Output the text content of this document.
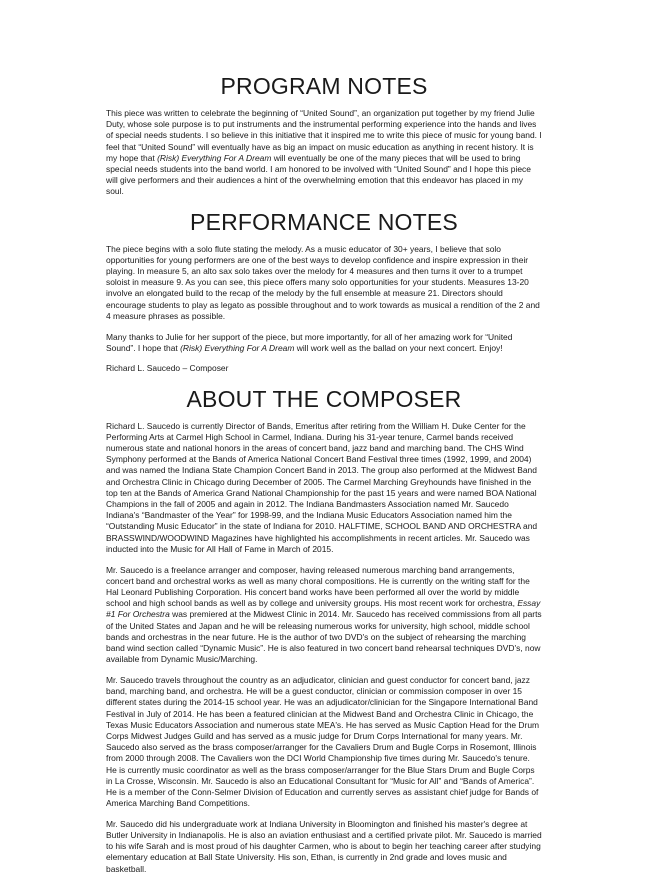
PROGRAM NOTES

This piece was written to celebrate the beginning of “United Sound”, an organization put together by my friend Julie Duty, whose sole purpose is to put instruments and the instrumental performing experience into the hands and lives of special needs students. I so believe in this initiative that it inspired me to write this piece of music for young band. I feel that “United Sound” will eventually have as big an impact on music education as anything in recent history. It is my hope that (Risk) Everything For A Dream will eventually be one of the many pieces that will be used to bring special needs students into the band world. I am honored to be involved with “United Sound” and I hope this piece will give performers and their audiences a hint of the overwhelming emotion that this endeavor has placed in my soul.

PERFORMANCE NOTES

The piece begins with a solo flute stating the melody. As a music educator of 30+ years, I believe that solo opportunities for young performers are one of the best ways to develop confidence and inspire expression in their playing. In measure 5, an alto sax solo takes over the melody for 4 measures and then turns it over to a trumpet soloist in measure 9. As you can see, this piece offers many solo opportunities for your students. Measures 13-20 involve an elongated build to the recap of the melody by the full ensemble at measure 21. Directors should encourage students to play as legato as possible throughout and to work towards as musical a rendition of the 2 and 4 measure phrases as possible.

Many thanks to Julie for her support of the piece, but more importantly, for all of her amazing work for “United Sound”. I hope that (Risk) Everything For A Dream will work well as the ballad on your next concert. Enjoy!

Richard L. Saucedo – Composer

ABOUT THE COMPOSER

Richard L. Saucedo is currently Director of Bands, Emeritus after retiring from the William H. Duke Center for the Performing Arts at Carmel High School in Carmel, Indiana. During his 31-year tenure, Carmel bands received numerous state and national honors in the areas of concert band, jazz band and marching band. The CHS Wind Symphony performed at the Bands of America National Concert Band Festival three times (1992, 1999, and 2004) and was named the Indiana State Champion Concert Band in 2013. The group also performed at the Midwest Band and Orchestra Clinic in Chicago during December of 2005. The Carmel Marching Greyhounds have finished in the top ten at the Bands of America Grand National Championship for the past 15 years and were named BOA National Champions in the fall of 2005 and again in 2012. The Indiana Bandmasters Association named Mr. Saucedo Indiana's “Bandmaster of the Year” for 1998-99, and the Indiana Music Educators Association named him the “Outstanding Music Educator” in the state of Indiana for 2010. HALFTIME, SCHOOL BAND AND ORCHESTRA and BRASSWIND/WOODWIND Magazines have highlighted his accomplishments in recent articles. Mr. Saucedo was inducted into the Music for All Hall of Fame in March of 2015.

Mr. Saucedo is a freelance arranger and composer, having released numerous marching band arrangements, concert band and orchestral works as well as many choral compositions. He is currently on the writing staff for the Hal Leonard Publishing Corporation. His concert band works have been performed all over the world by middle school and high school bands as well as by college and university groups. His most recent work for orchestra, Essay #1 For Orchestra was premiered at the Midwest Clinic in 2014. Mr. Saucedo has received commissions from all parts of the United States and Japan and he will be releasing numerous works for university, high school, middle school bands and orchestras in the near future. He is the author of two DVD's on the subject of rehearsing the marching band wind section called “Dynamic Music”. He is also featured in two concert band rehearsal techniques DVD's, now available from Dynamic Music/Marching.

Mr. Saucedo travels throughout the country as an adjudicator, clinician and guest conductor for concert band, jazz band, marching band, and orchestra. He will be a guest conductor, clinician or commission composer in over 15 different states during the 2014-15 school year. He was an adjudicator/clinician for the Singapore International Band Festival in July of 2014. He has been a featured clinician at the Midwest Band and Orchestra Clinic in Chicago, the Texas Music Educators Association and numerous state MEA's. He has served as Music Caption Head for the Drum Corps Midwest Judges Guild and has served as a music judge for Drum Corps International for many years. Mr. Saucedo also served as the brass composer/arranger for the Cavaliers Drum and Bugle Corps in Rosemont, Illinois from 2000 through 2008. The Cavaliers won the DCI World Championship five times during Mr. Saucedo's tenure. He is currently music coordinator as well as the brass composer/arranger for the Blue Stars Drum and Bugle Corps in La Crosse, Wisconsin. Mr. Saucedo is also an Educational Consultant for “Music for All” and “Bands of America”. He is a member of the Conn-Selmer Division of Education and currently serves as assistant chief judge for Bands of America Marching Band Competitions.

Mr. Saucedo did his undergraduate work at Indiana University in Bloomington and finished his master's degree at Butler University in Indianapolis. He is also an aviation enthusiast and a certified private pilot. Mr. Saucedo is married to his wife Sarah and is most proud of his daughter Carmen, who is about to begin her teaching career after studying elementary education at Ball State University. His son, Ethan, is currently in 2nd grade and loves music and basketball.
